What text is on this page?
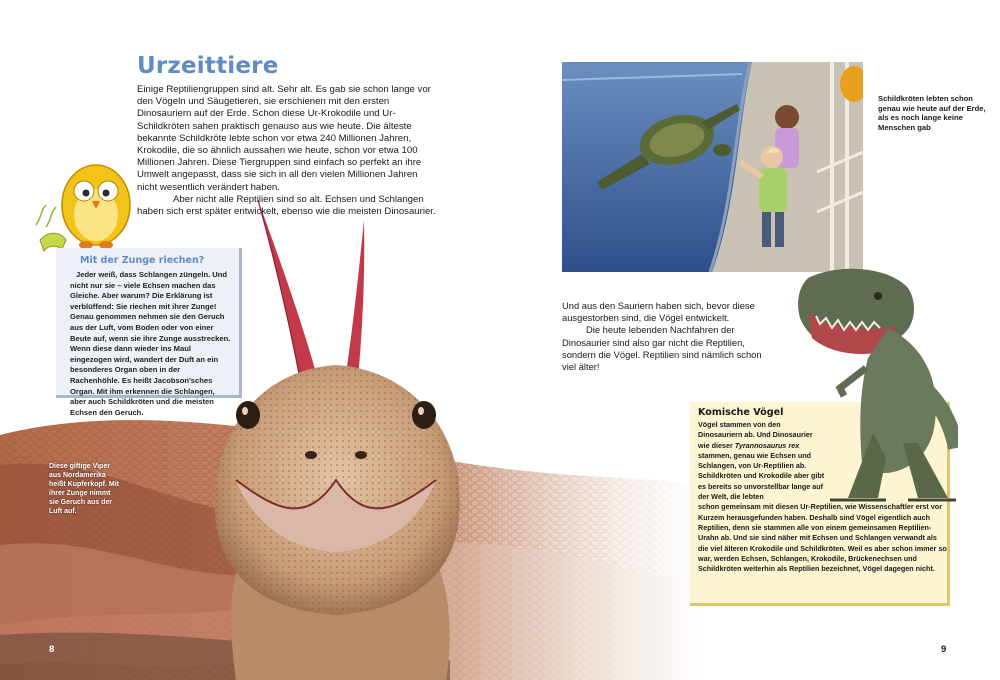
Urzeittiere

Einige Reptiliengruppen sind alt. Sehr alt. Es gab sie schon lange vor den Vögeln und Säugetieren, sie erschienen mit den ersten Dinosauriern auf der Erde. Schon diese Ur-Krokodile und Ur-Schildkröten sahen praktisch genauso aus wie heute. Die älteste bekannte Schildkröte lebte schon vor etwa 240 Millionen Jahren, Krokodile, die so ähnlich aussahen wie heute, schon vor etwa 100 Millionen Jahren. Diese Tiergruppen sind einfach so perfekt an ihre Umwelt angepasst, dass sie sich in all den vielen Millionen Jahren nicht wesentlich verändert haben.
Aber nicht alle Reptilien sind so alt. Echsen und Schlangen haben sich erst später entwickelt, ebenso wie die meisten Dinosaurier.

Mit der Zunge riechen?

Jeder weiß, dass Schlangen züngeln. Und nicht nur sie – viele Echsen machen das Gleiche. Aber warum? Die Erklärung ist verblüffend: Sie riechen mit ihrer Zunge! Genau genommen nehmen sie den Geruch aus der Luft, vom Boden oder von einer Beute auf, wenn sie ihre Zunge ausstrecken. Wenn diese dann wieder ins Maul eingezogen wird, wandert der Duft an ein besonderes Organ oben in der Rachenhöhle. Es heißt Jacobson'sches Organ. Mit ihm erkennen die Schlangen, aber auch Schildkröten und die meisten Echsen den Geruch.

Diese giftige Viper aus Nordamerika heißt Kupferkopf. Mit ihrer Zunge nimmt sie Geruch aus der Luft auf.

8

Schildkröten lebten schon genau wie heute auf der Erde, als es noch lange keine Menschen gab

Und aus den Sauriern haben sich, bevor diese ausgestorben sind, die Vögel entwickelt.
Die heute lebenden Nachfahren der Dinosaurier sind also gar nicht die Reptilien, sondern die Vögel. Reptilien sind nämlich schon viel älter!

Komische Vögel

Vögel stammen von den Dinosauriern ab. Und Dinosaurier wie dieser Tyrannosaurus rex stammen, genau wie Echsen und Schlangen, von Ur-Reptilien ab. Schildkröten und Krokodile aber gibt es bereits so unvorstellbar lange auf der Welt, die lebten
schon gemeinsam mit diesen Ur-Reptilien, wie Wissenschaftler erst vor Kurzem herausgefunden haben. Deshalb sind Vögel eigentlich auch Reptilien, denn sie stammen alle von einem gemeinsamen Reptilien-Urahn ab. Und sie sind näher mit Echsen und Schlangen verwandt als die viel älteren Krokodile und Schildkröten. Weil es aber schon immer so war, werden Echsen, Schlangen, Krokodile, Brückenechsen und Schildkröten weiterhin als Reptilien bezeichnet, Vögel dagegen nicht.

9
